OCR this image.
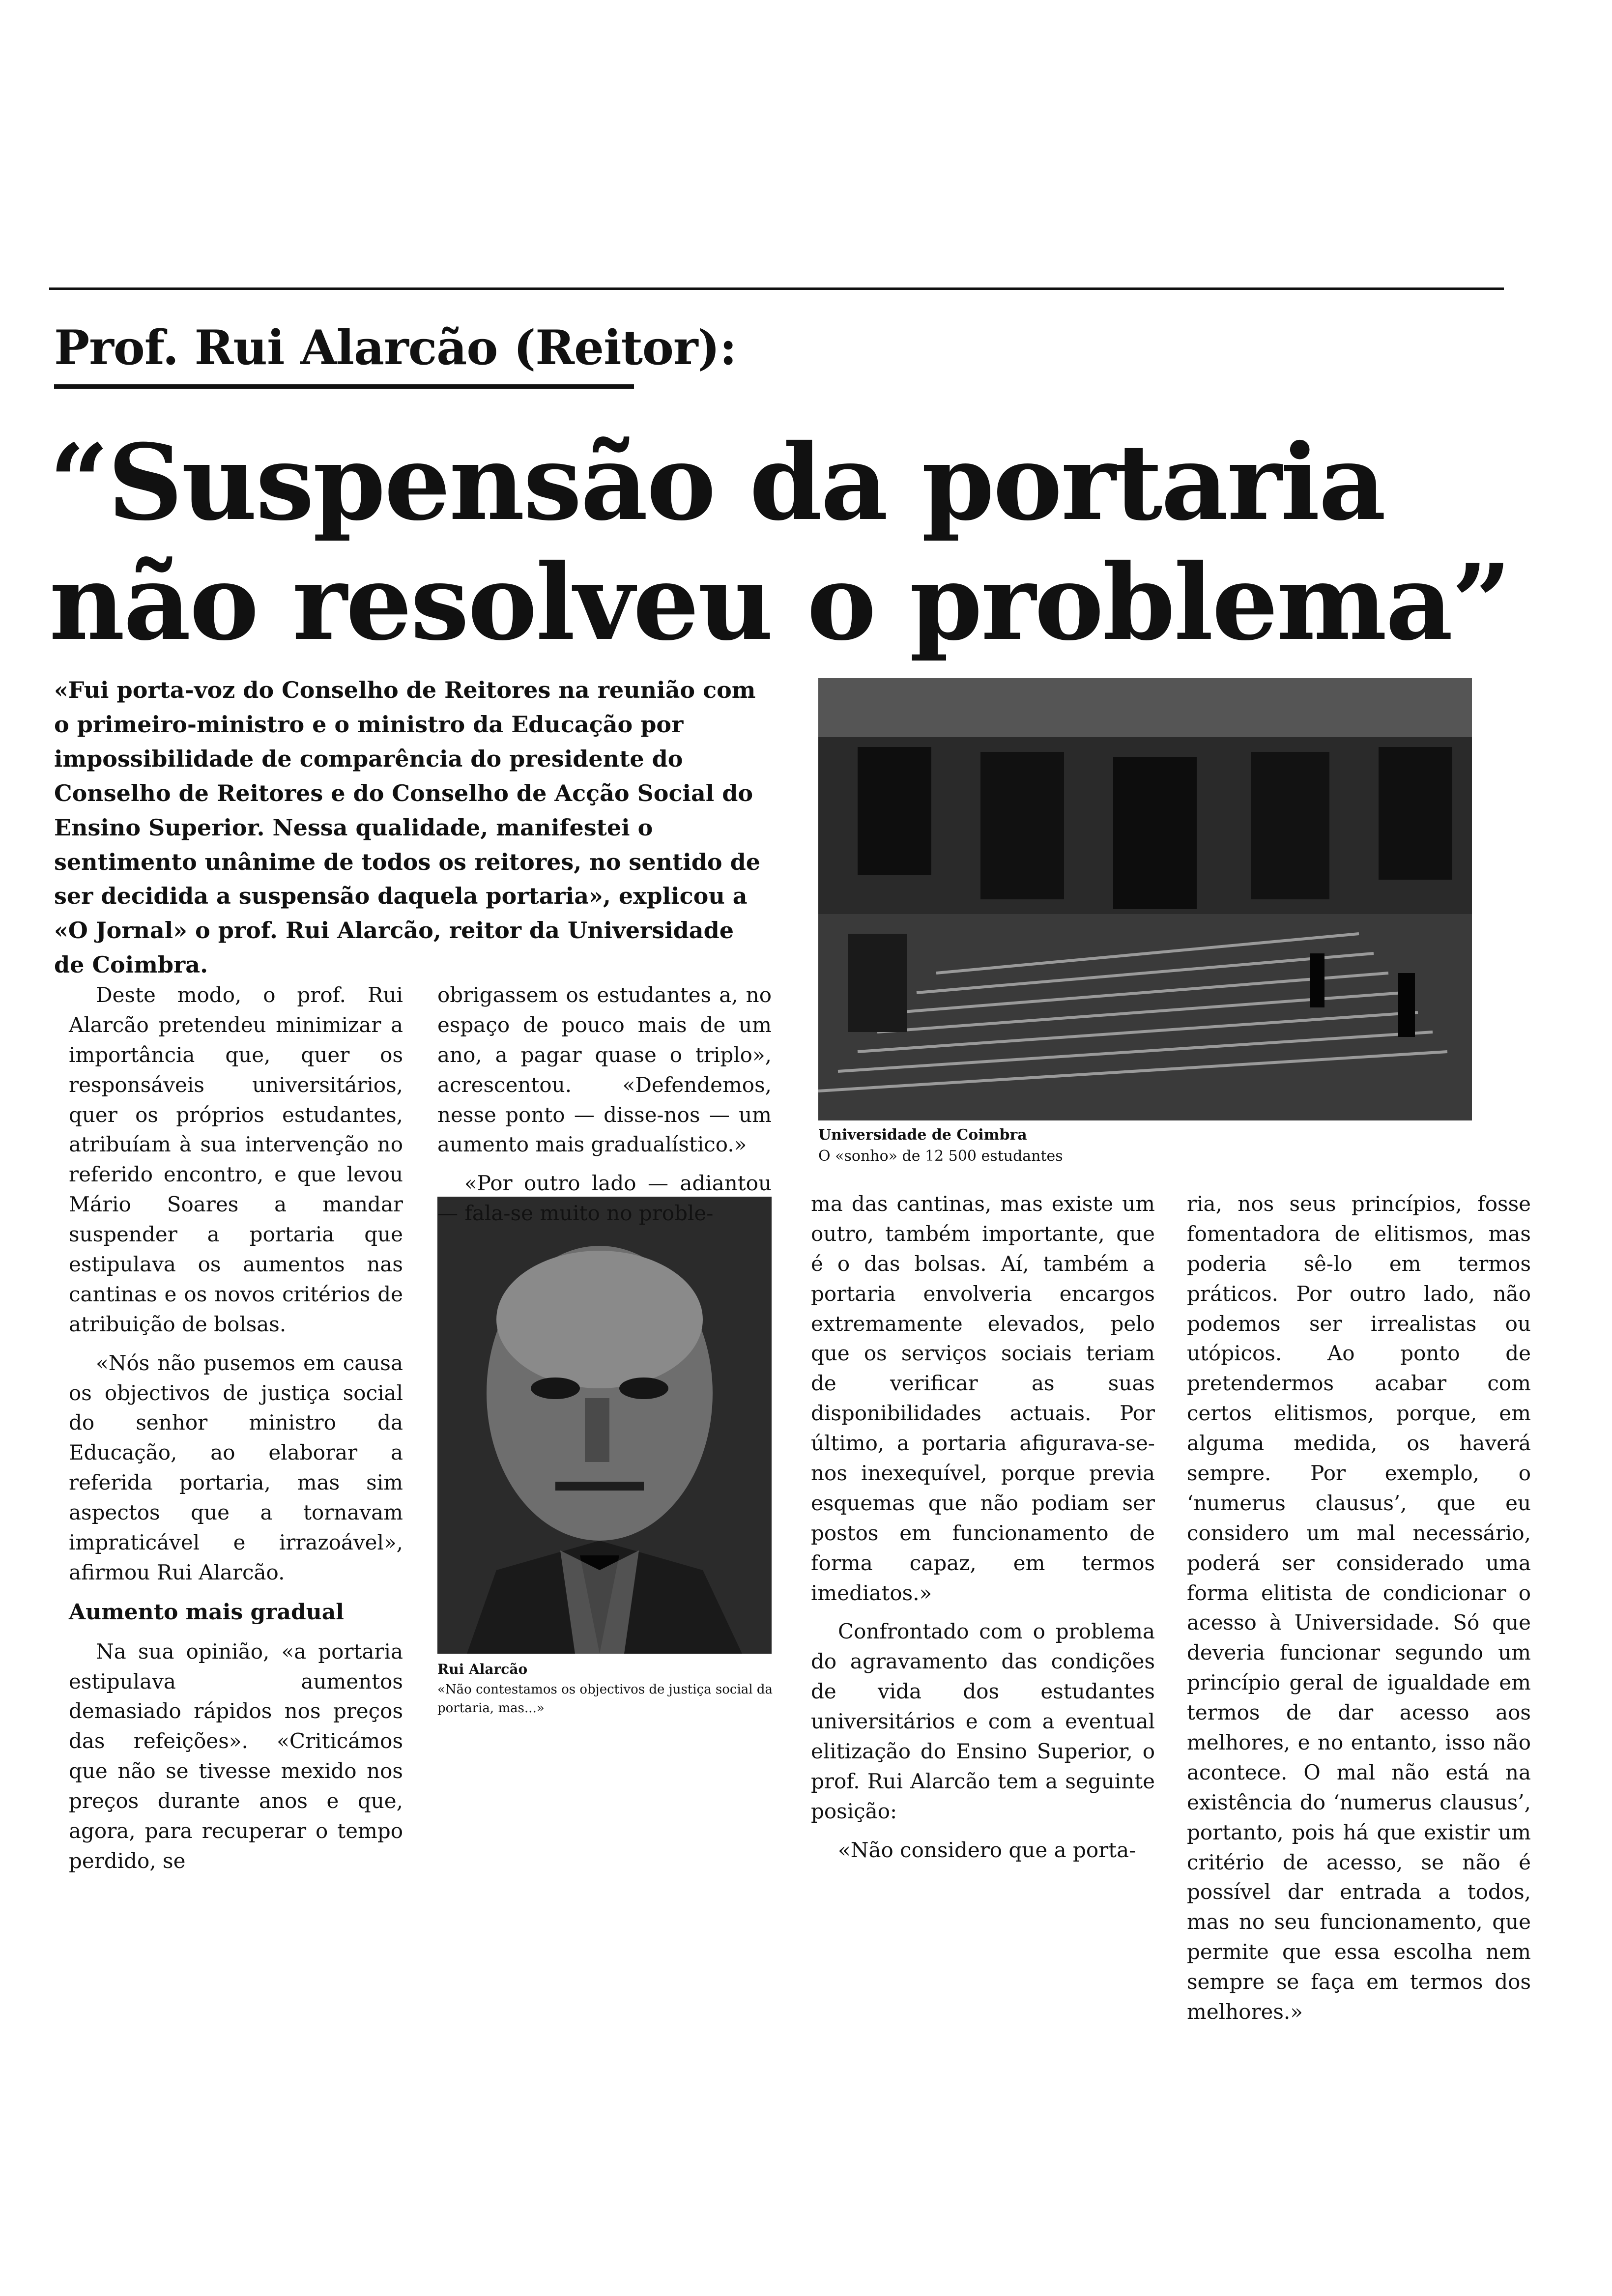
Prof. Rui Alarcão (Reitor):
“Suspensão da portaria
não resolveu o problema”
«Fui porta-voz do Conselho de Reitores na reunião com o primeiro-ministro e o ministro da Educação por impossibilidade de comparência do presidente do Conselho de Reitores e do Conselho de Acção Social do Ensino Superior. Nessa qualidade, manifestei o sentimento unânime de todos os reitores, no sentido de ser decidida a suspensão daquela portaria», explicou a «O Jornal» o prof. Rui Alarcão, reitor da Universidade de Coimbra.
Universidade de Coimbra
O «sonho» de 12 500 estudantes
Rui Alarcão
«Não contestamos os objectivos de justiça social da portaria, mas...»

Deste modo, o prof. Rui Alarcão pretendeu minimizar a importância que, quer os responsáveis universitários, quer os próprios estudantes, atribuíam à sua intervenção no referido encontro, e que levou Mário Soares a mandar suspender a portaria que estipulava os aumentos nas cantinas e os novos critérios de atribuição de bolsas.

«Nós não pusemos em causa os objectivos de justiça social do senhor ministro da Educação, ao elaborar a referida portaria, mas sim aspectos que a tornavam impraticável e irrazoável», afirmou Rui Alarcão.

Aumento mais gradual

Na sua opinião, «a portaria estipulava aumentos demasiado rápidos nos preços das refeições». «Criticámos que não se tivesse mexido nos preços durante anos e que, agora, para recuperar o tempo perdido, se

obrigassem os estudantes a, no espaço de pouco mais de um ano, a pagar quase o triplo», acrescentou. «Defendemos, nesse ponto — disse-nos — um aumento mais gradualístico.»

«Por outro lado — adiantou — fala-se muito no proble-	ma das cantinas, mas existe um outro, também importante, que é o das bolsas. Aí, também a portaria envolveria encargos extremamente elevados, pelo que os serviços sociais teriam de verificar as suas disponibilidades actuais. Por último, a portaria afigurava-se-nos inexequível, porque previa esquemas que não podiam ser postos em funcionamento de forma capaz, em termos imediatos.»

Confrontado com o problema do agravamento das condições de vida dos estudantes universitários e com a eventual elitização do Ensino Superior, o prof. Rui Alarcão tem a seguinte posição:

«Não considero que a porta-

ria, nos seus princípios, fosse fomentadora de elitismos, mas poderia sê-lo em termos práticos. Por outro lado, não podemos ser irrealistas ou utópicos. Ao ponto de pretendermos acabar com certos elitismos, porque, em alguma medida, os haverá sempre. Por exemplo, o ‘numerus clausus’, que eu considero um mal necessário, poderá ser considerado uma forma elitista de condicionar o acesso à Universidade. Só que deveria funcionar segundo um princípio geral de igualdade em termos de dar acesso aos melhores, e no entanto, isso não acontece. O mal não está na existência do ‘numerus clausus’, portanto, pois há que existir um critério de acesso, se não é possível dar entrada a todos, mas no seu funcionamento, que permite que essa escolha nem sempre se faça em termos dos melhores.»
